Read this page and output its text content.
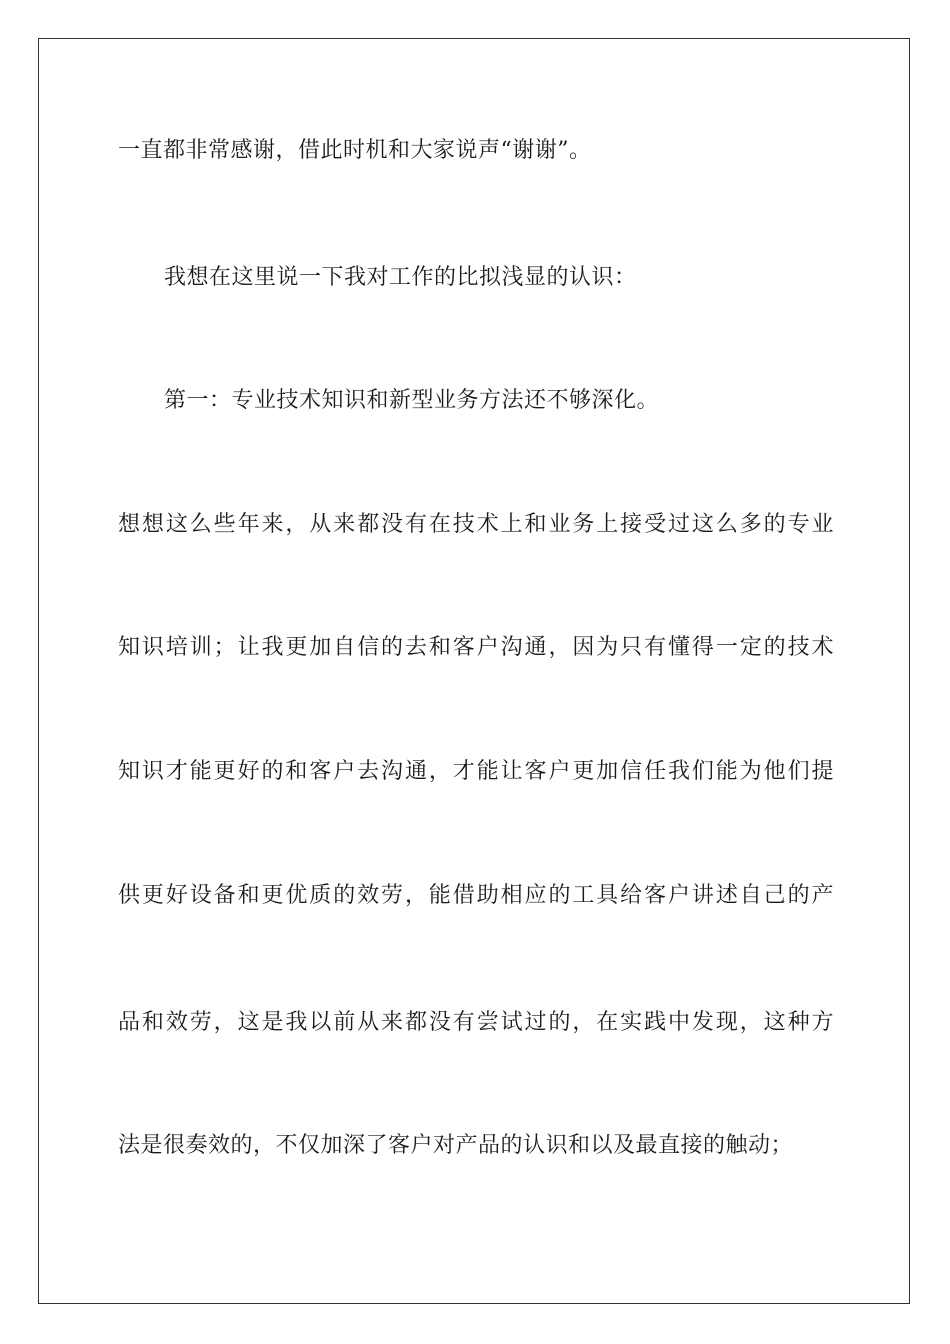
一直都非常感谢，借此时机和大家说声“谢谢”。
我想在这里说一下我对工作的比拟浅显的认识：
第一：专业技术知识和新型业务方法还不够深化。
想想这么些年来，从来都没有在技术上和业务上接受过这么多的专业
知识培训；让我更加自信的去和客户沟通，因为只有懂得一定的技术
知识才能更好的和客户去沟通，才能让客户更加信任我们能为他们提
供更好设备和更优质的效劳，能借助相应的工具给客户讲述自己的产
品和效劳，这是我以前从来都没有尝试过的，在实践中发现，这种方
法是很奏效的，不仅加深了客户对产品的认识和以及最直接的触动；
